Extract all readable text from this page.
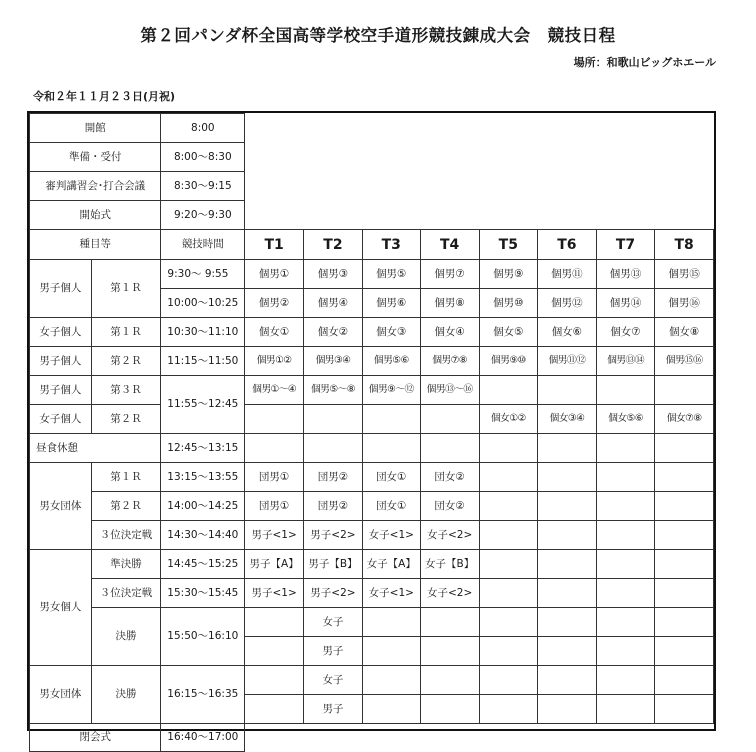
第２回パンダ杯全国高等学校空手道形競技錬成大会　競技日程
場所：和歌山ビッグホエール
令和２年１１月２３日(月祝)
開館		8:00								
準備・受付		8:00～8:30								
審判講習会･打合会議		8:30～9:15								
開始式		9:20～9:30								
種目等		競技時間	T1	T2	T3	T4	T5	T6	T7	T8
男子個人	第１Ｒ	9:30～ 9:55	個男①	個男③	個男⑤	個男⑦	個男⑨	個男⑪	個男⑬	個男⑮
		10:00～10:25	個男②	個男④	個男⑥	個男⑧	個男⑩	個男⑫	個男⑭	個男⑯
女子個人	第１Ｒ	10:30～11:10	個女①	個女②	個女③	個女④	個女⑤	個女⑥	個女⑦	個女⑧
男子個人	第２Ｒ	11:15～11:50	個男①②	個男③④	個男⑤⑥	個男⑦⑧	個男⑨⑩	個男⑪⑫	個男⑬⑭	個男⑮⑯
男子個人	第３Ｒ	11:55～12:45	個男①～④	個男⑤～⑧	個男⑨～⑫	個男⑬～⑯				
女子個人	第２Ｒ						個女①②	個女③④	個女⑤⑥	個女⑦⑧
昼食休憩		12:45～13:15								
男女団体	第１Ｒ	13:15～13:55	団男①	団男②	団女①	団女②				
	第２Ｒ	14:00～14:25	団男①	団男②	団女①	団女②				
	３位決定戦	14:30～14:40	男子<1>	男子<2>	女子<1>	女子<2>				
男女個人	準決勝	14:45～15:25	男子【A】	男子【B】	女子【A】	女子【B】				
	３位決定戦	15:30～15:45	男子<1>	男子<2>	女子<1>	女子<2>				
	決勝	15:50～16:10		女子						
				男子						
男女団体	決勝	16:15～16:35		女子						
				男子						
閉会式		16:40～17:00								
